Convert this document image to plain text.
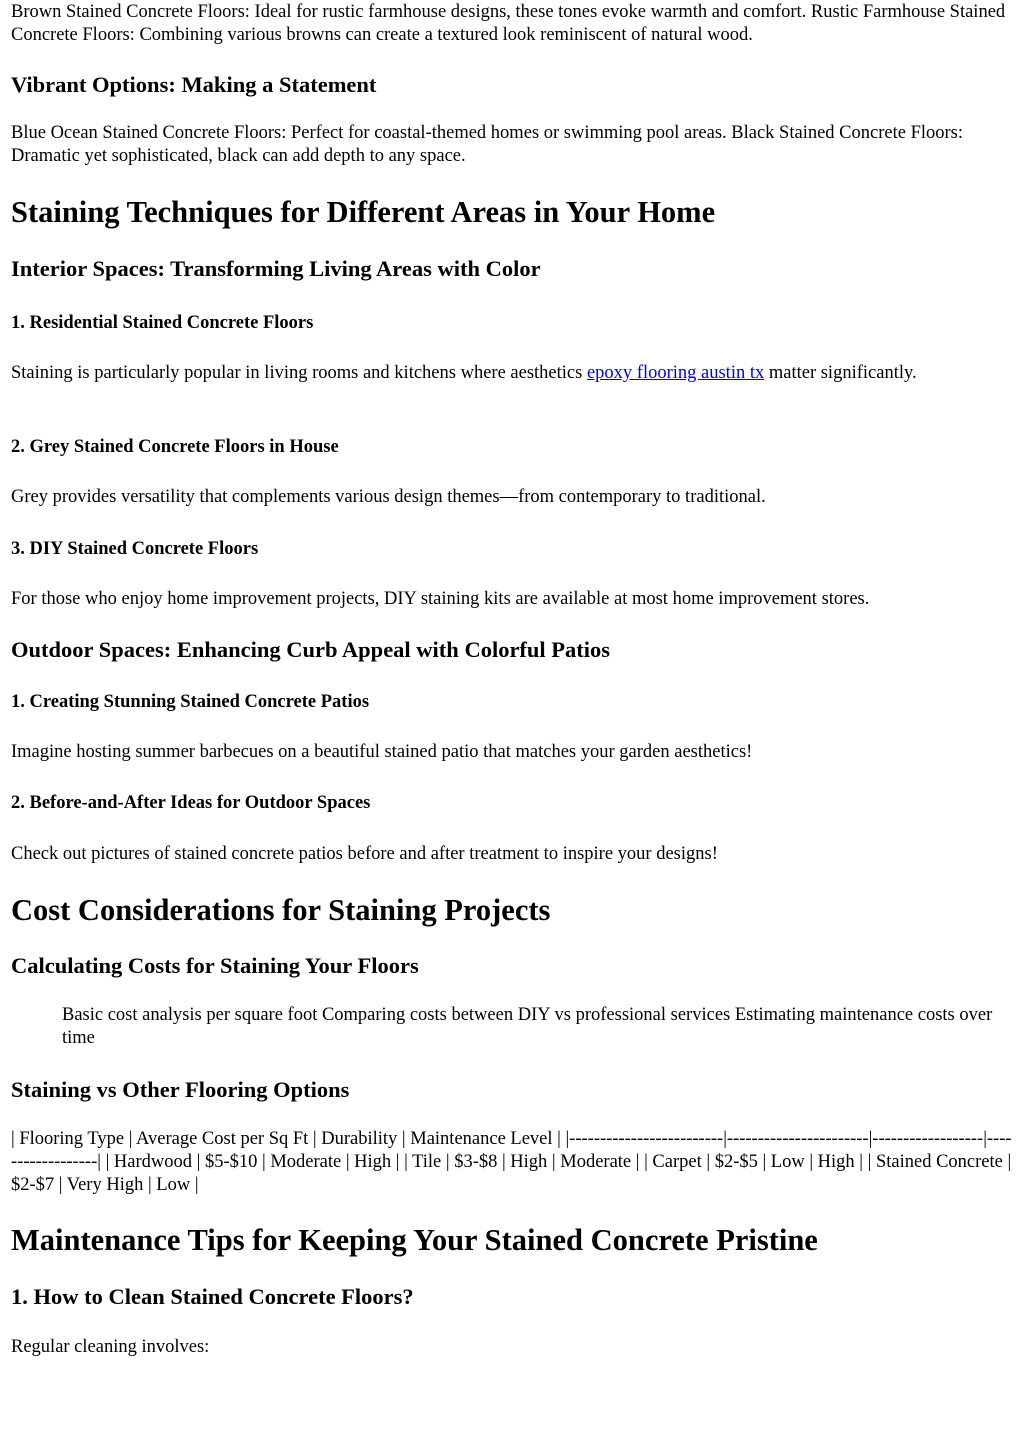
Brown Stained Concrete Floors: Ideal for rustic farmhouse designs, these tones evoke warmth and comfort. Rustic Farmhouse Stained Concrete Floors: Combining various browns can create a textured look reminiscent of natural wood.

Vibrant Options: Making a Statement

Blue Ocean Stained Concrete Floors: Perfect for coastal-themed homes or swimming pool areas. Black Stained Concrete Floors: Dramatic yet sophisticated, black can add depth to any space.

Staining Techniques for Different Areas in Your Home
Interior Spaces: Transforming Living Areas with Color
1. Residential Stained Concrete Floors

Staining is particularly popular in living rooms and kitchens where aesthetics epoxy flooring austin tx matter significantly.

2. Grey Stained Concrete Floors in House

Grey provides versatility that complements various design themes—from contemporary to traditional.

3. DIY Stained Concrete Floors

For those who enjoy home improvement projects, DIY staining kits are available at most home improvement stores.

Outdoor Spaces: Enhancing Curb Appeal with Colorful Patios
1. Creating Stunning Stained Concrete Patios

Imagine hosting summer barbecues on a beautiful stained patio that matches your garden aesthetics!

2. Before-and-After Ideas for Outdoor Spaces

Check out pictures of stained concrete patios before and after treatment to inspire your designs!

Cost Considerations for Staining Projects
Calculating Costs for Staining Your Floors
Basic cost analysis per square foot Comparing costs between DIY vs professional services Estimating maintenance costs over time
Staining vs Other Flooring Options

| Flooring Type | Average Cost per Sq Ft | Durability | Maintenance Level | |-------------------------|-----------------------|------------------|------------------| | Hardwood | $5-$10 | Moderate | High | | Tile | $3-$8 | High | Moderate | | Carpet | $2-$5 | Low | High | | Stained Concrete | $2-$7 | Very High | Low |

Maintenance Tips for Keeping Your Stained Concrete Pristine
1. How to Clean Stained Concrete Floors?

Regular cleaning involves:
